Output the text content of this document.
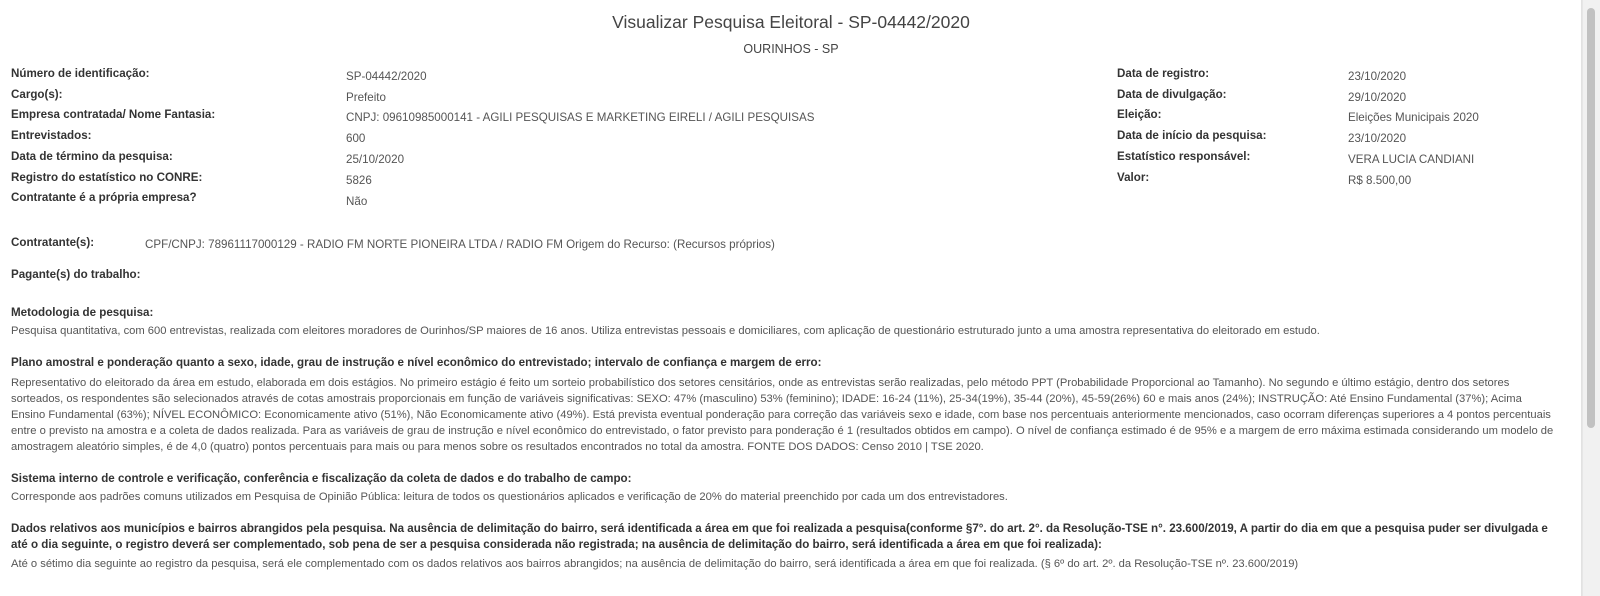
Visualizar Pesquisa Eleitoral - SP-04442/2020
OURINHOS - SP
Número de identificação:	SP-04442/2020
Cargo(s):	Prefeito
Empresa contratada/ Nome Fantasia:	CNPJ: 09610985000141 - AGILI PESQUISAS E MARKETING EIRELI / AGILI PESQUISAS
Entrevistados:	600
Data de término da pesquisa:	25/10/2020
Registro do estatístico no CONRE:	5826
Contratante é a própria empresa?	Não
Data de registro:	23/10/2020
Data de divulgação:	29/10/2020
Eleição:	Eleições Municipais 2020
Data de início da pesquisa:	23/10/2020
Estatístico responsável:	VERA LUCIA CANDIANI
Valor:	R$ 8.500,00
Contratante(s):	CPF/CNPJ: 78961117000129 - RADIO FM NORTE PIONEIRA LTDA / RADIO FM Origem do Recurso: (Recursos próprios)
Pagante(s) do trabalho:
Metodologia de pesquisa:
Pesquisa quantitativa, com 600 entrevistas, realizada com eleitores moradores de Ourinhos/SP maiores de 16 anos. Utiliza entrevistas pessoais e domiciliares, com aplicação de questionário estruturado junto a uma amostra representativa do eleitorado em estudo.
Plano amostral e ponderação quanto a sexo, idade, grau de instrução e nível econômico do entrevistado; intervalo de confiança e margem de erro:
Representativo do eleitorado da área em estudo, elaborada em dois estágios. No primeiro estágio é feito um sorteio probabilístico dos setores censitários, onde as entrevistas serão realizadas, pelo método PPT (Probabilidade Proporcional ao Tamanho). No segundo e último estágio, dentro dos setores sorteados, os respondentes são selecionados através de cotas amostrais proporcionais em função de variáveis significativas: SEXO: 47% (masculino) 53% (feminino); IDADE: 16-24 (11%), 25-34(19%), 35-44 (20%), 45-59(26%) 60 e mais anos (24%); INSTRUÇÃO: Até Ensino Fundamental (37%); Acima Ensino Fundamental (63%); NÍVEL ECONÔMICO: Economicamente ativo (51%), Não Economicamente ativo (49%). Está prevista eventual ponderação para correção das variáveis sexo e idade, com base nos percentuais anteriormente mencionados, caso ocorram diferenças superiores a 4 pontos percentuais entre o previsto na amostra e a coleta de dados realizada. Para as variáveis de grau de instrução e nível econômico do entrevistado, o fator previsto para ponderação é 1 (resultados obtidos em campo). O nível de confiança estimado é de 95% e a margem de erro máxima estimada considerando um modelo de amostragem aleatório simples, é de 4,0 (quatro) pontos percentuais para mais ou para menos sobre os resultados encontrados no total da amostra. FONTE DOS DADOS: Censo 2010 | TSE 2020.
Sistema interno de controle e verificação, conferência e fiscalização da coleta de dados e do trabalho de campo:
Corresponde aos padrões comuns utilizados em Pesquisa de Opinião Pública: leitura de todos os questionários aplicados e verificação de 20% do material preenchido por cada um dos entrevistadores.
Dados relativos aos municípios e bairros abrangidos pela pesquisa. Na ausência de delimitação do bairro, será identificada a área em que foi realizada a pesquisa(conforme §7°. do art. 2°. da Resolução-TSE n°. 23.600/2019, A partir do dia em que a pesquisa puder ser divulgada e até o dia seguinte, o registro deverá ser complementado, sob pena de ser a pesquisa considerada não registrada; na ausência de delimitação do bairro, será identificada a área em que foi realizada):
Até o sétimo dia seguinte ao registro da pesquisa, será ele complementado com os dados relativos aos bairros abrangidos; na ausência de delimitação do bairro, será identificada a área em que foi realizada. (§ 6º do art. 2º. da Resolução-TSE nº. 23.600/2019)
